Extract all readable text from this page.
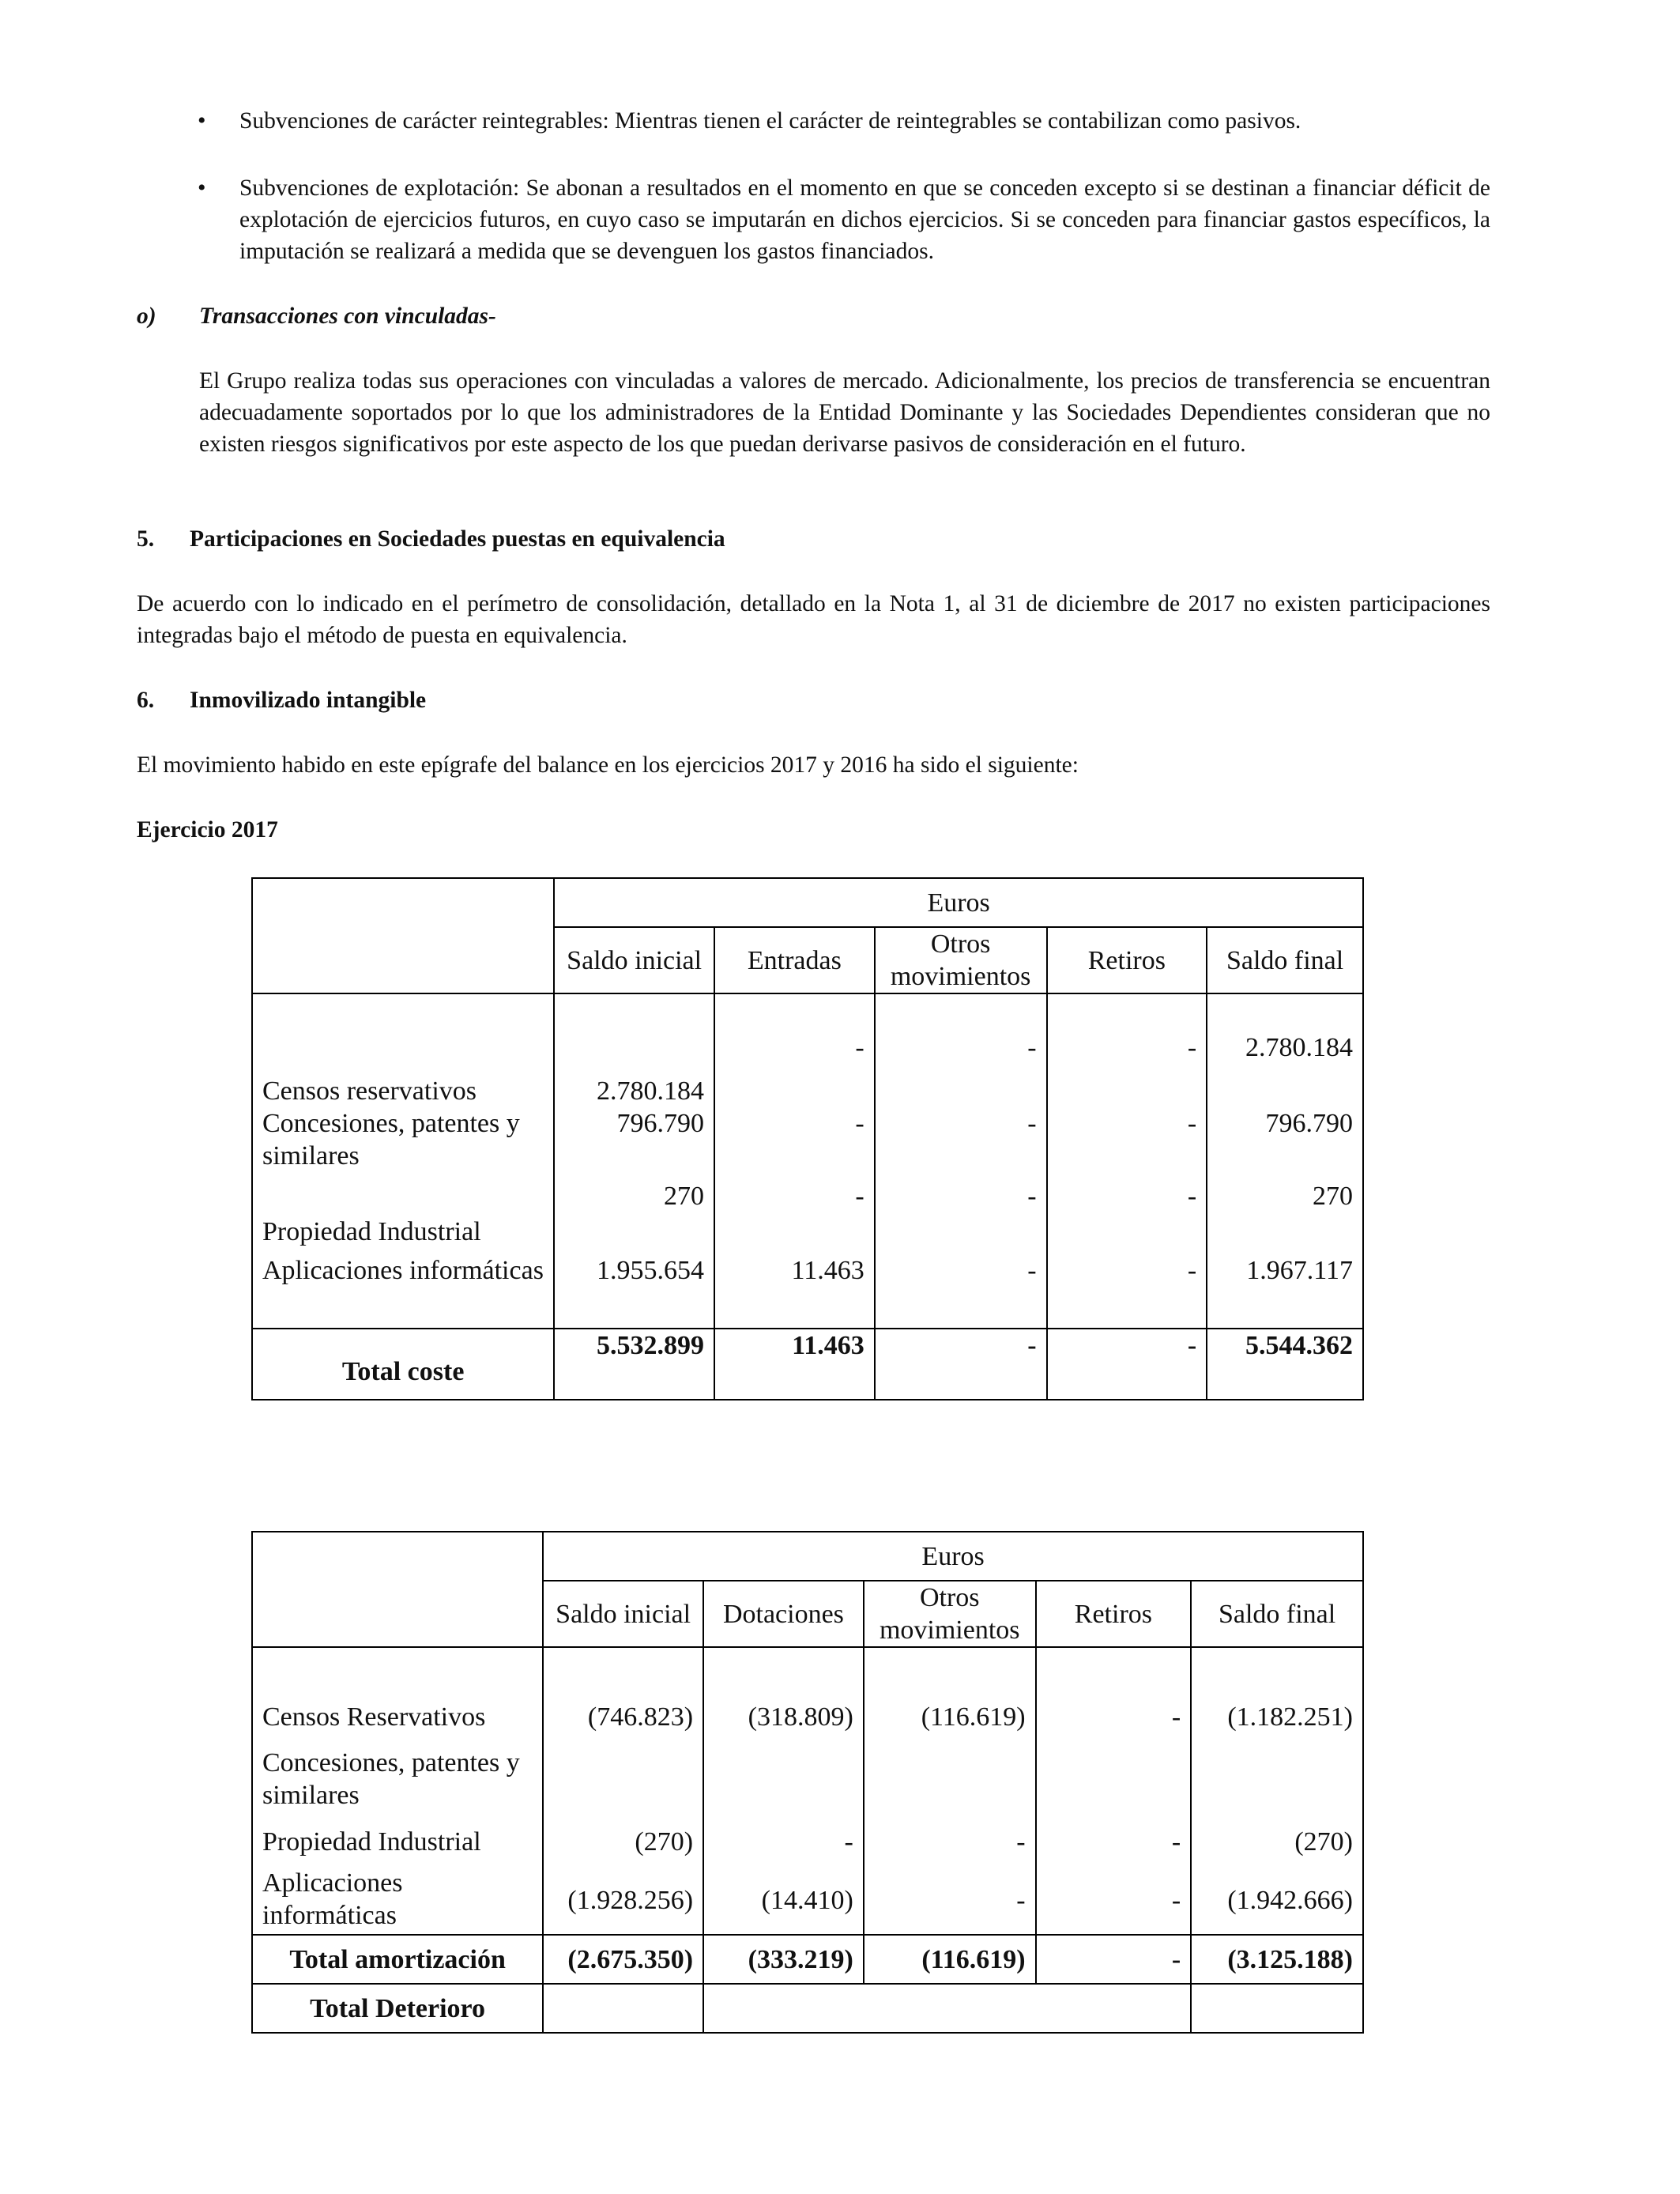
• Subvenciones de carácter reintegrables: Mientras tienen el carácter de reintegrables se contabilizan como pasivos.

• Subvenciones de explotación: Se abonan a resultados en el momento en que se conceden excepto si se destinan a financiar déficit de explotación de ejercicios futuros, en cuyo caso se imputarán en dichos ejercicios. Si se conceden para financiar gastos específicos, la imputación se realizará a medida que se devenguen los gastos financiados.

o) Transacciones con vinculadas-

El Grupo realiza todas sus operaciones con vinculadas a valores de mercado. Adicionalmente, los precios de transferencia se encuentran adecuadamente soportados por lo que los administradores de la Entidad Dominante y las Sociedades Dependientes consideran que no existen riesgos significativos por este aspecto de los que puedan derivarse pasivos de consideración en el futuro.

5. Participaciones en Sociedades puestas en equivalencia

De acuerdo con lo indicado en el perímetro de consolidación, detallado en la Nota 1, al 31 de diciembre de 2017 no existen participaciones integradas bajo el método de puesta en equivalencia.

6. Inmovilizado intangible

El movimiento habido en este epígrafe del balance en los ejercicios 2017 y 2016 ha sido el siguiente:

Ejercicio 2017

	Euros				
	Saldo inicial	Entradas	Otros movimientos	Retiros	Saldo final

Censos reservativos	2.780.184	-	-	-	2.780.184
Concesiones, patentes y similares	796.790	-	-	-	796.790
Propiedad Industrial	270	-	-	-	270
Aplicaciones informáticas	1.955.654	11.463	-	-	1.967.117
Total coste	5.532.899	11.463	-	-	5.544.362
	Euros				
	Saldo inicial	Dotaciones	Otros movimientos	Retiros	Saldo final

Censos Reservativos	(746.823)	(318.809)	(116.619)	-	(1.182.251)
Concesiones, patentes y similares					
Propiedad Industrial	(270)	-	-	-	(270)
Aplicaciones informáticas	(1.928.256)	(14.410)	-	-	(1.942.666)
Total amortización	(2.675.350)	(333.219)	(116.619)	-	(3.125.188)
Total Deterioro					
